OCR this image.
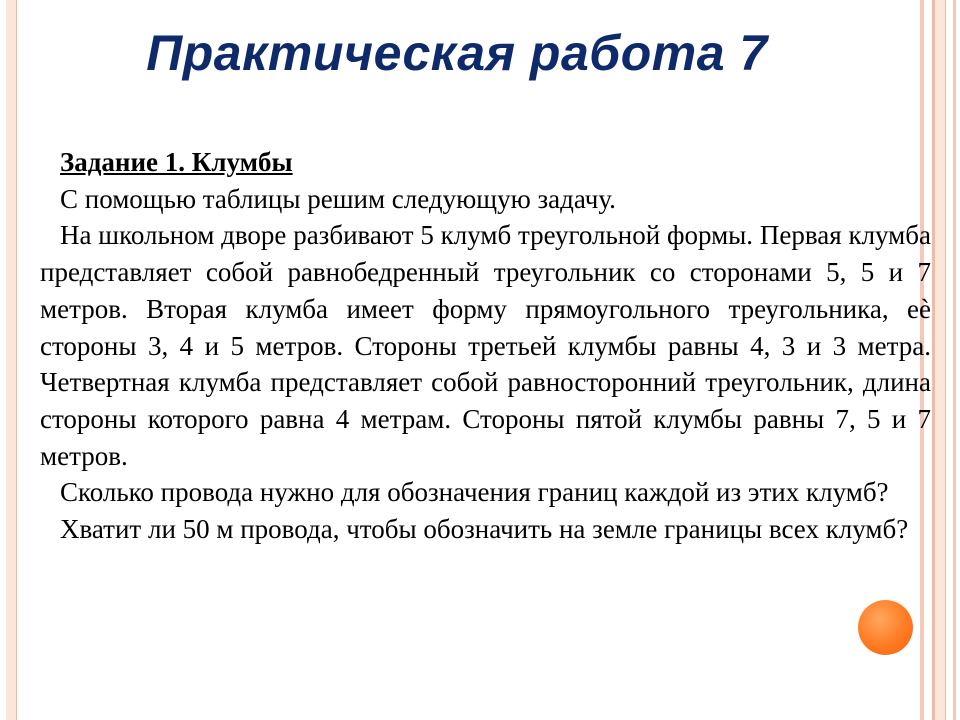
Практическая работа 7

Задание 1. Клумбы

С помощью таблицы решим следующую задачу.

На школьном дворе разбивают 5 клумб треугольной формы. Первая клумба представляет собой равнобедренный треугольник со сторонами 5, 5 и 7 метров. Вторая клумба имеет форму прямоугольного треугольника, еè стороны 3, 4 и 5 метров. Стороны третьей клумбы равны 4, 3 и 3 метра. Четвертная клумба представляет собой равносторонний треугольник, длина стороны которого равна 4 метрам. Стороны пятой клумбы равны 7, 5 и 7 метров.

Сколько провода нужно для обозначения границ каждой из этих клумб?

Хватит ли 50 м провода, чтобы обозначить на земле границы всех клумб?
